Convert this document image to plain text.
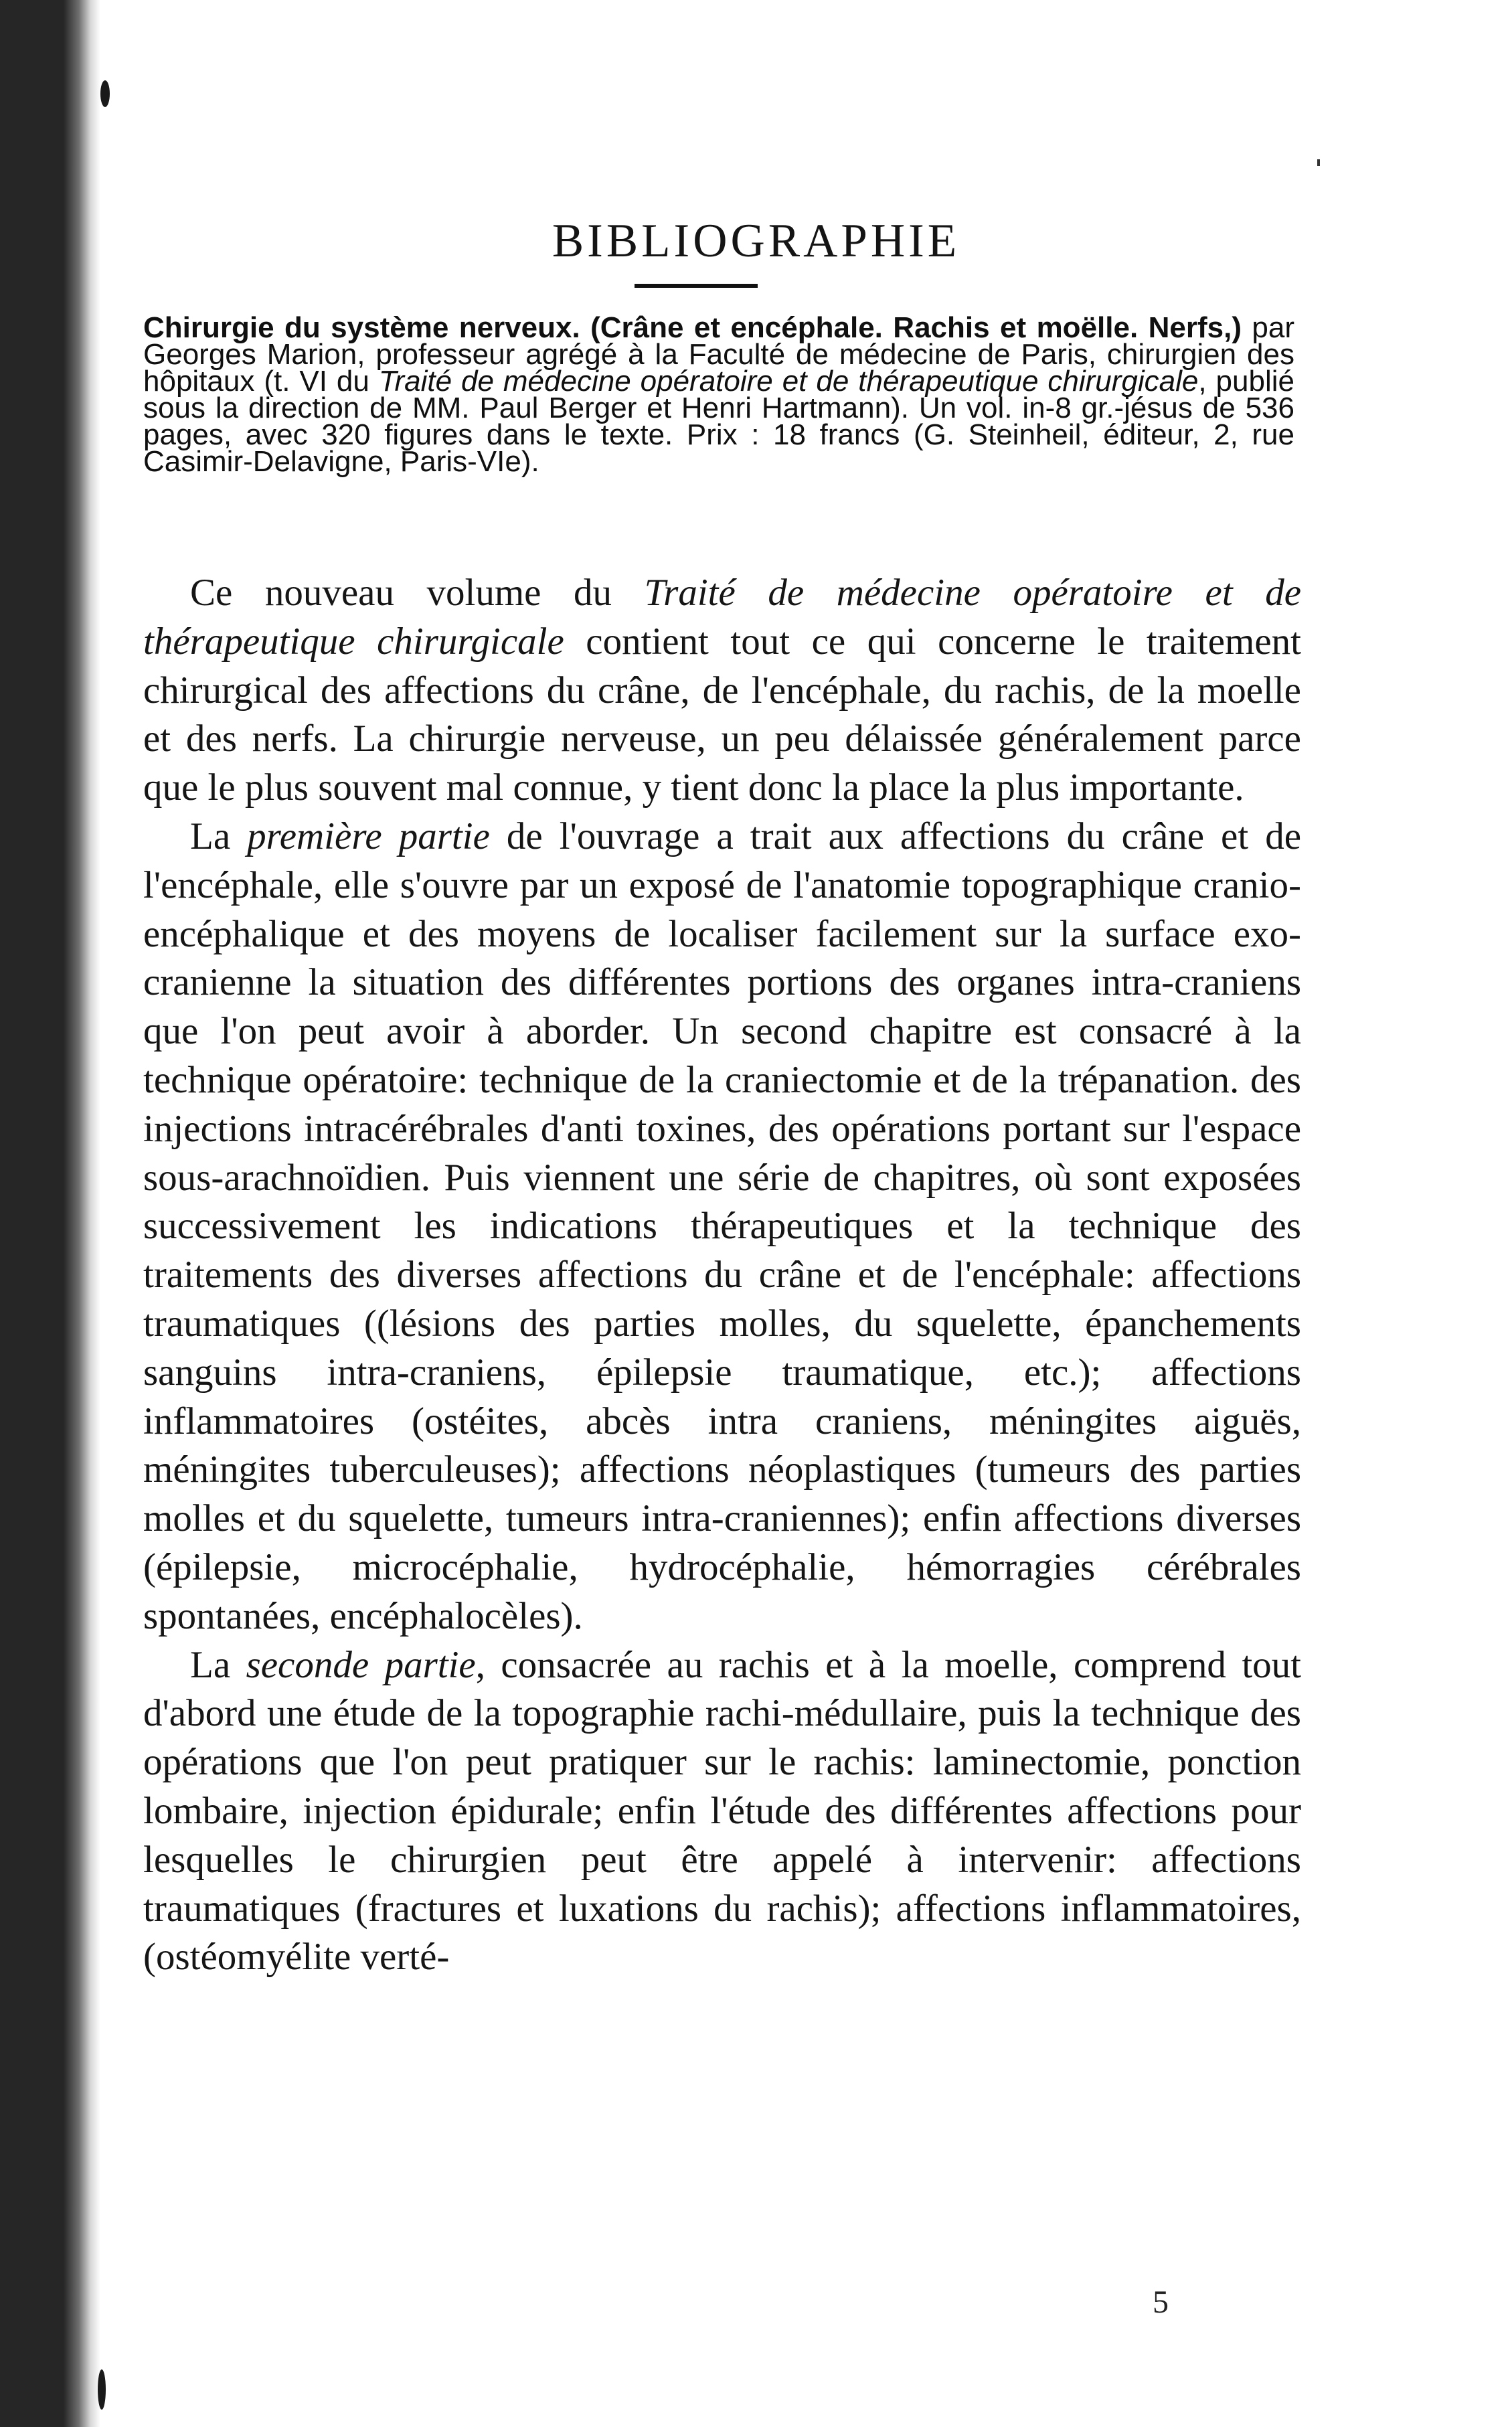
BIBLIOGRAPHIE
Chirurgie du système nerveux. (Crâne et encéphale. Rachis et moëlle. Nerfs,) par Georges Marion, professeur agrégé à la Faculté de médecine de Paris, chirurgien des hôpitaux (t. VI du Traité de médecine opératoire et de thérapeutique chirurgicale, publié sous la direction de MM. Paul Berger et Henri Hartmann). Un vol. in-8 gr.-jésus de 536 pages, avec 320 figures dans le texte. Prix : 18 francs (G. Steinheil, éditeur, 2, rue Casimir-Delavigne, Paris-VIe).

Ce nouveau volume du Traité de médecine opératoire et de thérapeutique chirurgicale contient tout ce qui concerne le traitement chirurgical des affections du crâne, de l'encéphale, du rachis, de la moelle et des nerfs. La chirurgie nerveuse, un peu délaissée généralement parce que le plus souvent mal connue, y tient donc la place la plus importante.

La première partie de l'ouvrage a trait aux affections du crâne et de l'encéphale, elle s'ouvre par un exposé de l'anatomie topographique cranio-encéphalique et des moyens de localiser facilement sur la surface exo-cranienne la situation des différentes portions des organes intra-craniens que l'on peut avoir à aborder. Un second chapitre est consacré à la technique opératoire: technique de la craniectomie et de la trépanation. des injections intracérébrales d'anti toxines, des opérations portant sur l'espace sous-arachnoïdien. Puis viennent une série de chapitres, où sont exposées successivement les indications thérapeutiques et la technique des traitements des diverses affections du crâne et de l'encéphale: affections traumatiques ((lésions des parties molles, du squelette, épanchements sanguins intra-craniens, épilepsie traumatique, etc.); affections inflammatoires (ostéites, abcès intra craniens, méningites aiguës, méningites tuberculeuses); affections néoplastiques (tumeurs des parties molles et du squelette, tumeurs intra-craniennes); enfin affections diverses (épilepsie, microcéphalie, hydrocéphalie, hémorragies cérébrales spontanées, encéphalocèles).

La seconde partie, consacrée au rachis et à la moelle, comprend tout d'abord une étude de la topographie rachi-médullaire, puis la technique des opérations que l'on peut pratiquer sur le rachis: laminectomie, ponction lombaire, injection épidurale; enfin l'étude des différentes affections pour lesquelles le chirurgien peut être appelé à intervenir: affections traumatiques (fractures et luxations du rachis); affections inflammatoires, (ostéomyélite verté-

5
